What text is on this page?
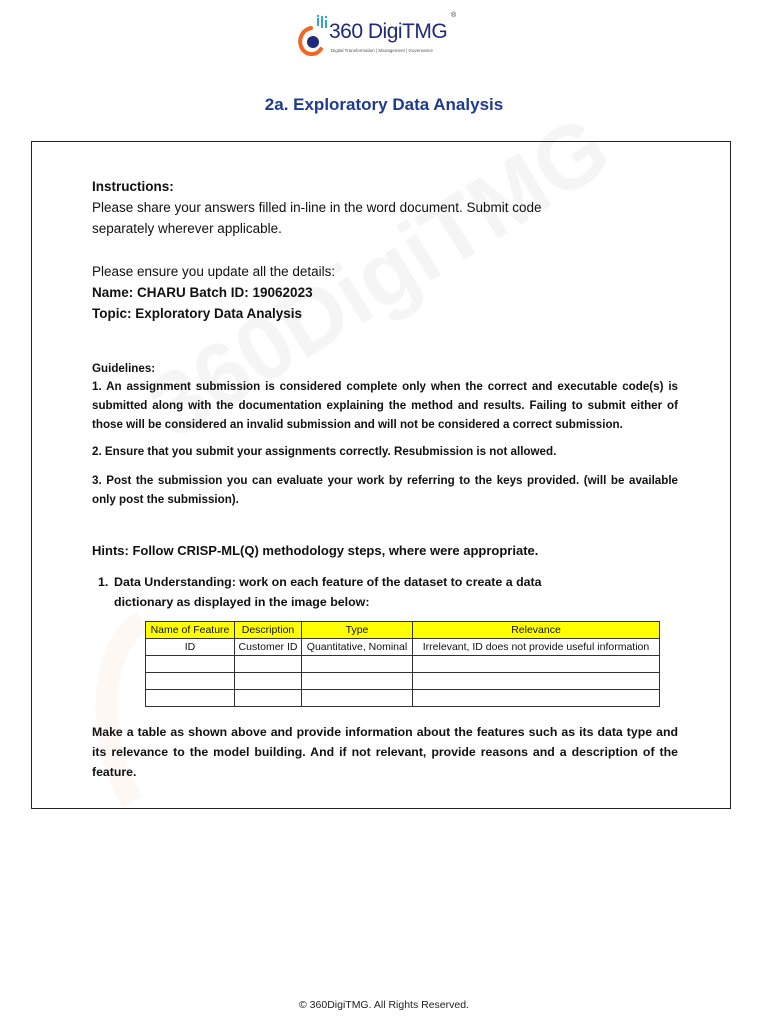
360 DigiTMG
Digital Transformation | Management | Governance
®
2a. Exploratory Data Analysis
Instructions:
Please share your answers filled in-line in the word document. Submit code
separately wherever applicable.
Please ensure you update all the details:
Name: CHARU Batch ID: 19062023
Topic: Exploratory Data Analysis
Guidelines:
1. An assignment submission is considered complete only when the correct and executable code(s) is submitted along with the documentation explaining the method and results. Failing to submit either of those will be considered an invalid submission and will not be considered a correct submission.
2. Ensure that you submit your assignments correctly. Resubmission is not allowed.
3. Post the submission you can evaluate your work by referring to the keys provided. (will be available only post the submission).
Hints: Follow CRISP-ML(Q) methodology steps, where were appropriate.
1. Data Understanding: work on each feature of the dataset to create a data dictionary as displayed in the image below:
Name of Feature	Description	Type	Relevance
ID	Customer ID	Quantitative, Nominal	Irrelevant, ID does not provide useful information

Make a table as shown above and provide information about the features such as its data type and its relevance to the model building. And if not relevant, provide reasons and a description of the feature.
© 360DigiTMG. All Rights Reserved.
